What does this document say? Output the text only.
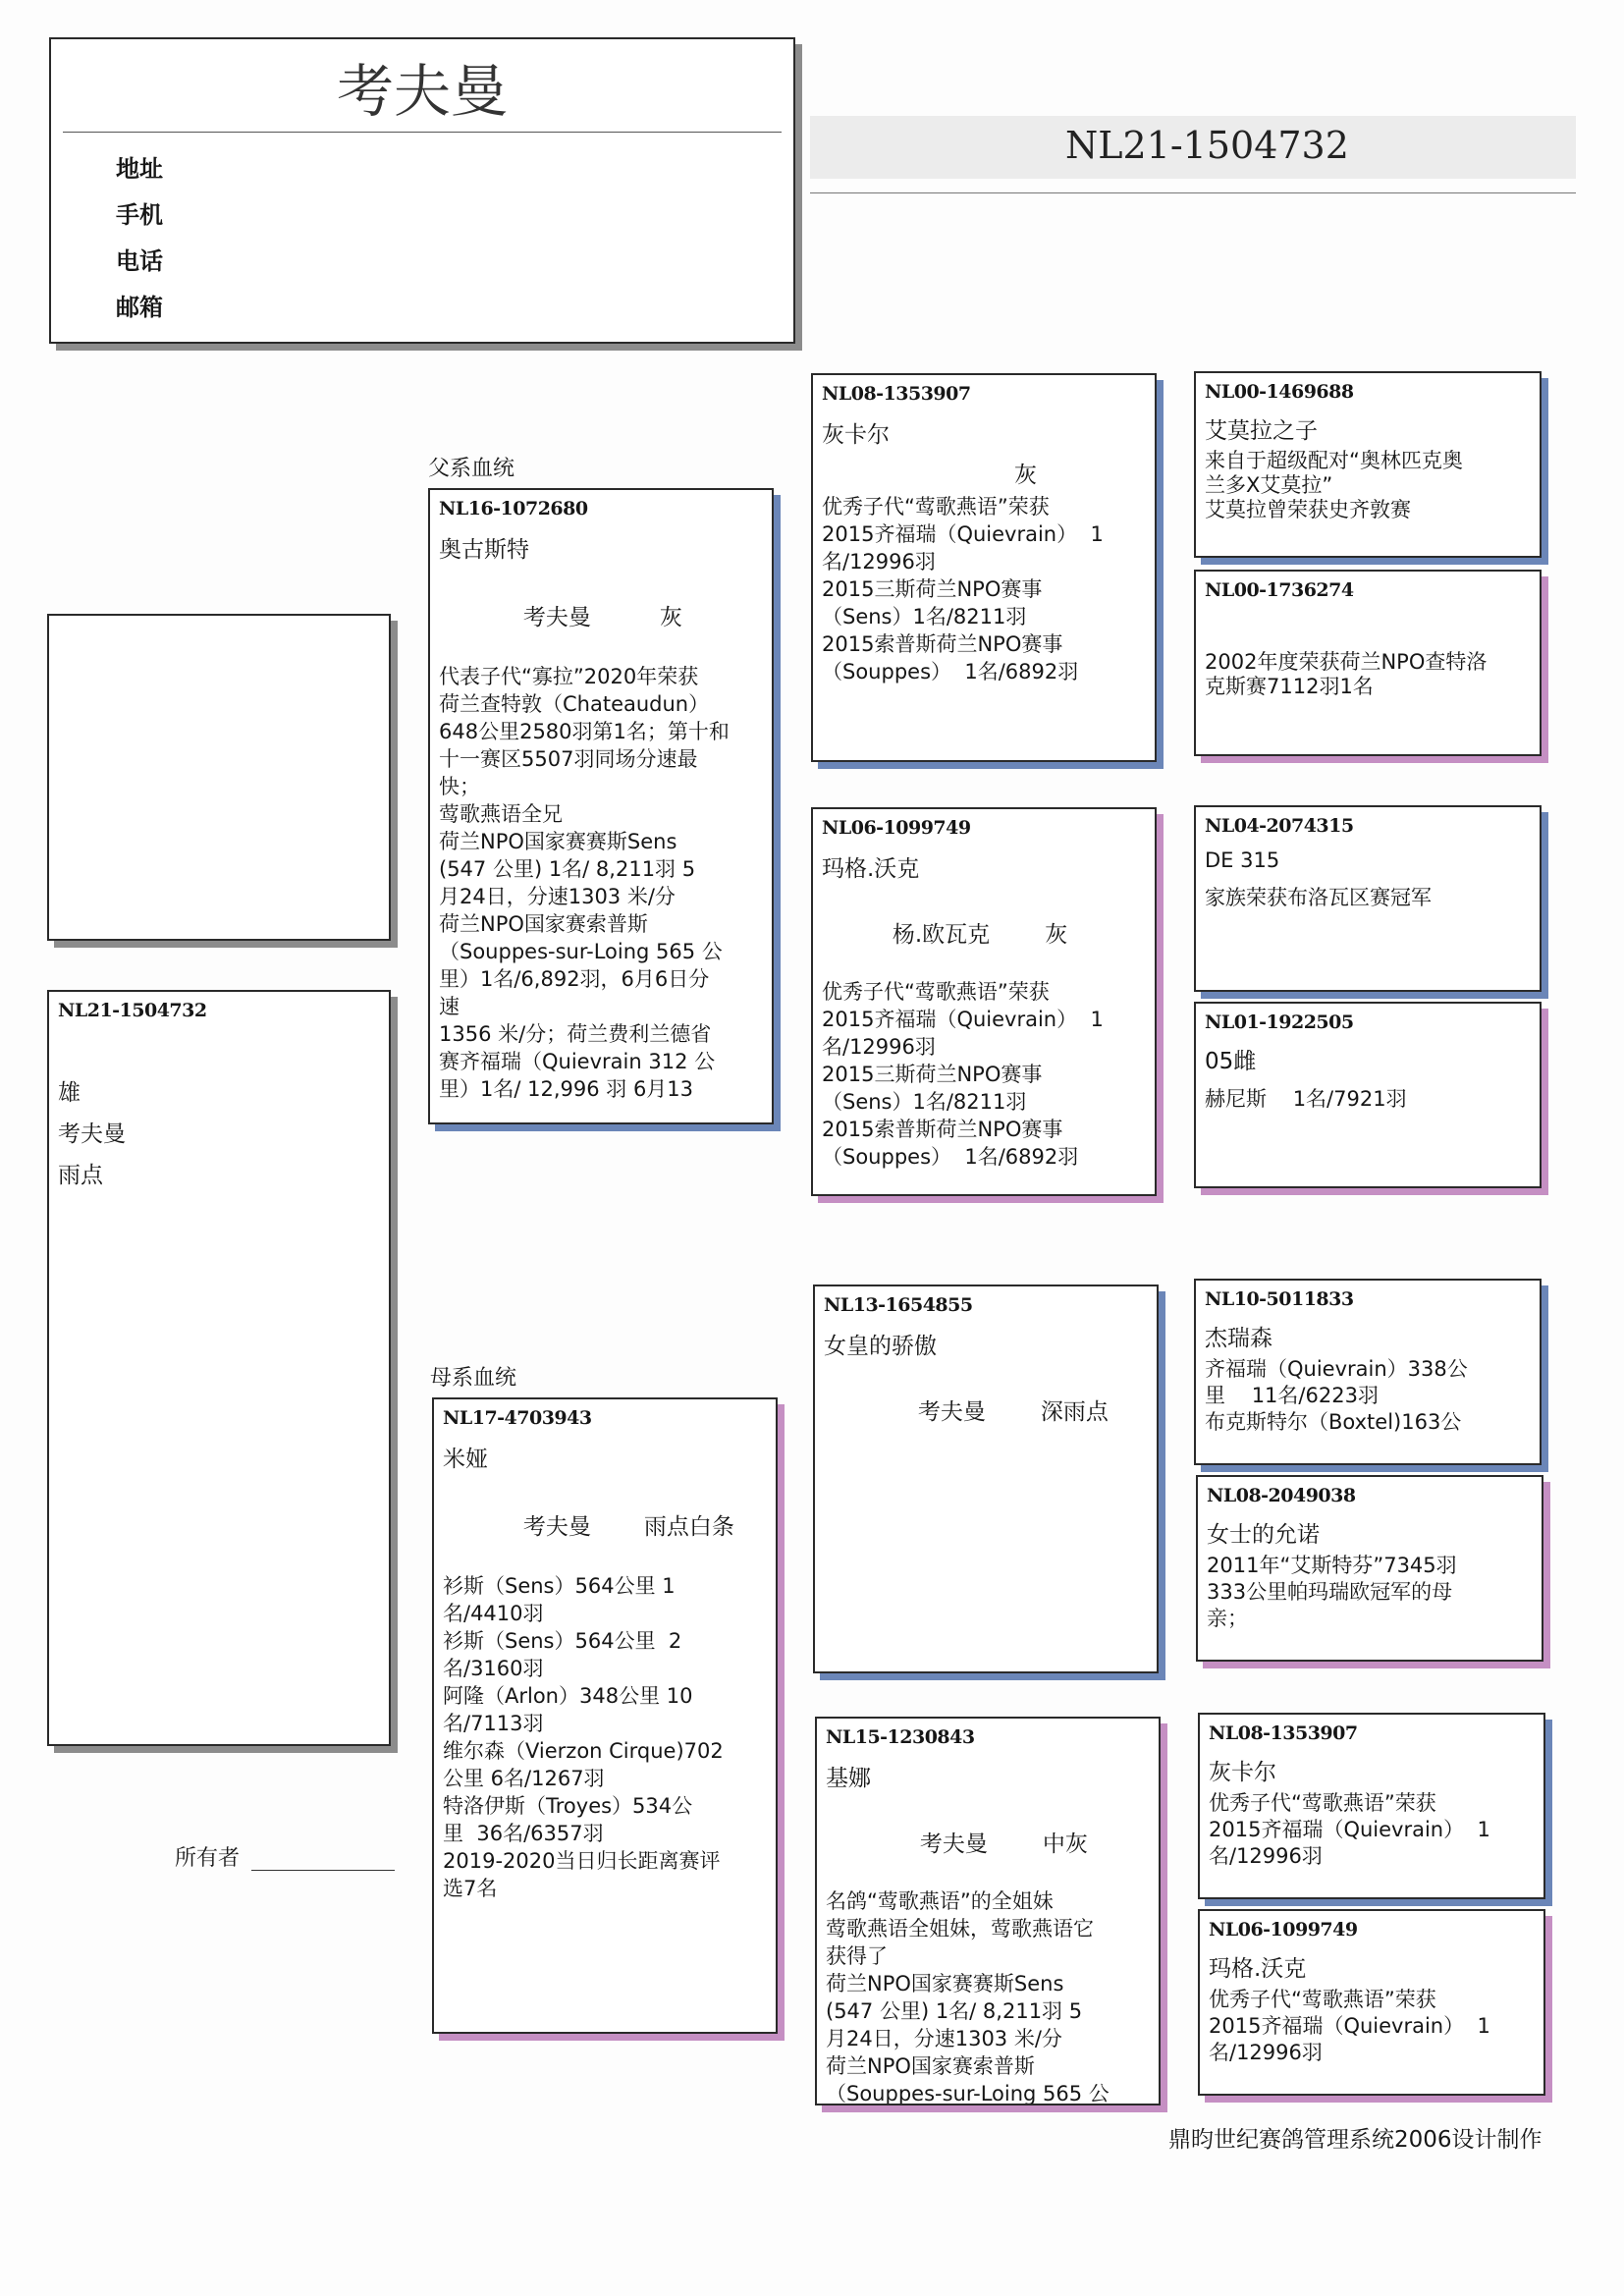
考夫曼
地址
手机
电话
邮箱
NL21-1504732
NL21-1504732
雄
考夫曼
雨点
所有者
父系血统
NL16-1072680
奥古斯特

考夫曼	灰

代表子代“寡拉”2020年荣获
荷兰查特敦（Chateaudun）
648公里2580羽第1名；第十和
十一赛区5507羽同场分速最
快；
莺歌燕语全兄
荷兰NPO国家赛赛斯Sens
(547 公里) 1名/ 8,211羽 5
月24日，分速1303 米/分
荷兰NPO国家赛索普斯
（Souppes-sur-Loing 565 公
里）1名/6,892羽，6月6日分
速
1356 米/分；荷兰费利兰德省
赛齐福瑞（Quievrain 312 公
里）1名/ 12,996 羽 6月13
母系血统
NL17-4703943
米娅

考夫曼 雨点白条

衫斯（Sens）564公里 1
名/4410羽
衫斯（Sens）564公里  2
名/3160羽
阿隆（Arlon）348公里 10
名/7113羽
维尔森（Vierzon Cirque)702
公里 6名/1267羽
特洛伊斯（Troyes）534公
里  36名/6357羽
2019-2020当日归长距离赛评
选7名
NL08-1353907
灰卡尔
灰
优秀子代“莺歌燕语”荣获
2015齐福瑞（Quievrain）  1
名/12996羽
2015三斯荷兰NPO赛事
（Sens）1名/8211羽
2015索普斯荷兰NPO赛事
（Souppes）  1名/6892羽
NL06-1099749
玛格.沃克

杨.欧瓦克 灰

优秀子代“莺歌燕语”荣获
2015齐福瑞（Quievrain）  1
名/12996羽
2015三斯荷兰NPO赛事
（Sens）1名/8211羽
2015索普斯荷兰NPO赛事
（Souppes）  1名/6892羽
NL13-1654855
女皇的骄傲

考夫曼 深雨点

NL15-1230843
基娜

考夫曼 中灰

名鸽“莺歌燕语”的全姐妹
莺歌燕语全姐妹，莺歌燕语它
获得了
荷兰NPO国家赛赛斯Sens
(547 公里) 1名/ 8,211羽 5
月24日，分速1303 米/分
荷兰NPO国家赛索普斯
（Souppes-sur-Loing 565 公
NL00-1469688
艾莫拉之子
来自于超级配对“奥林匹克奥
兰多X艾莫拉”
艾莫拉曾荣获史齐敦赛
NL00-1736274
2002年度荣获荷兰NPO查特洛
克斯赛7112羽1名
NL04-2074315
DE 315
家族荣获布洛瓦区赛冠军
NL01-1922505
05雌
赫尼斯    1名/7921羽
NL10-5011833
杰瑞森
齐福瑞（Quievrain）338公
里    11名/6223羽
布克斯特尔（Boxtel)163公
NL08-2049038
女士的允诺
2011年“艾斯特芬”7345羽
333公里帕玛瑞欧冠军的母
亲；
NL08-1353907
灰卡尔
优秀子代“莺歌燕语”荣获
2015齐福瑞（Quievrain）  1
名/12996羽
NL06-1099749
玛格.沃克
优秀子代“莺歌燕语”荣获
2015齐福瑞（Quievrain）  1
名/12996羽
鼎昀世纪赛鸽管理系统2006设计制作
